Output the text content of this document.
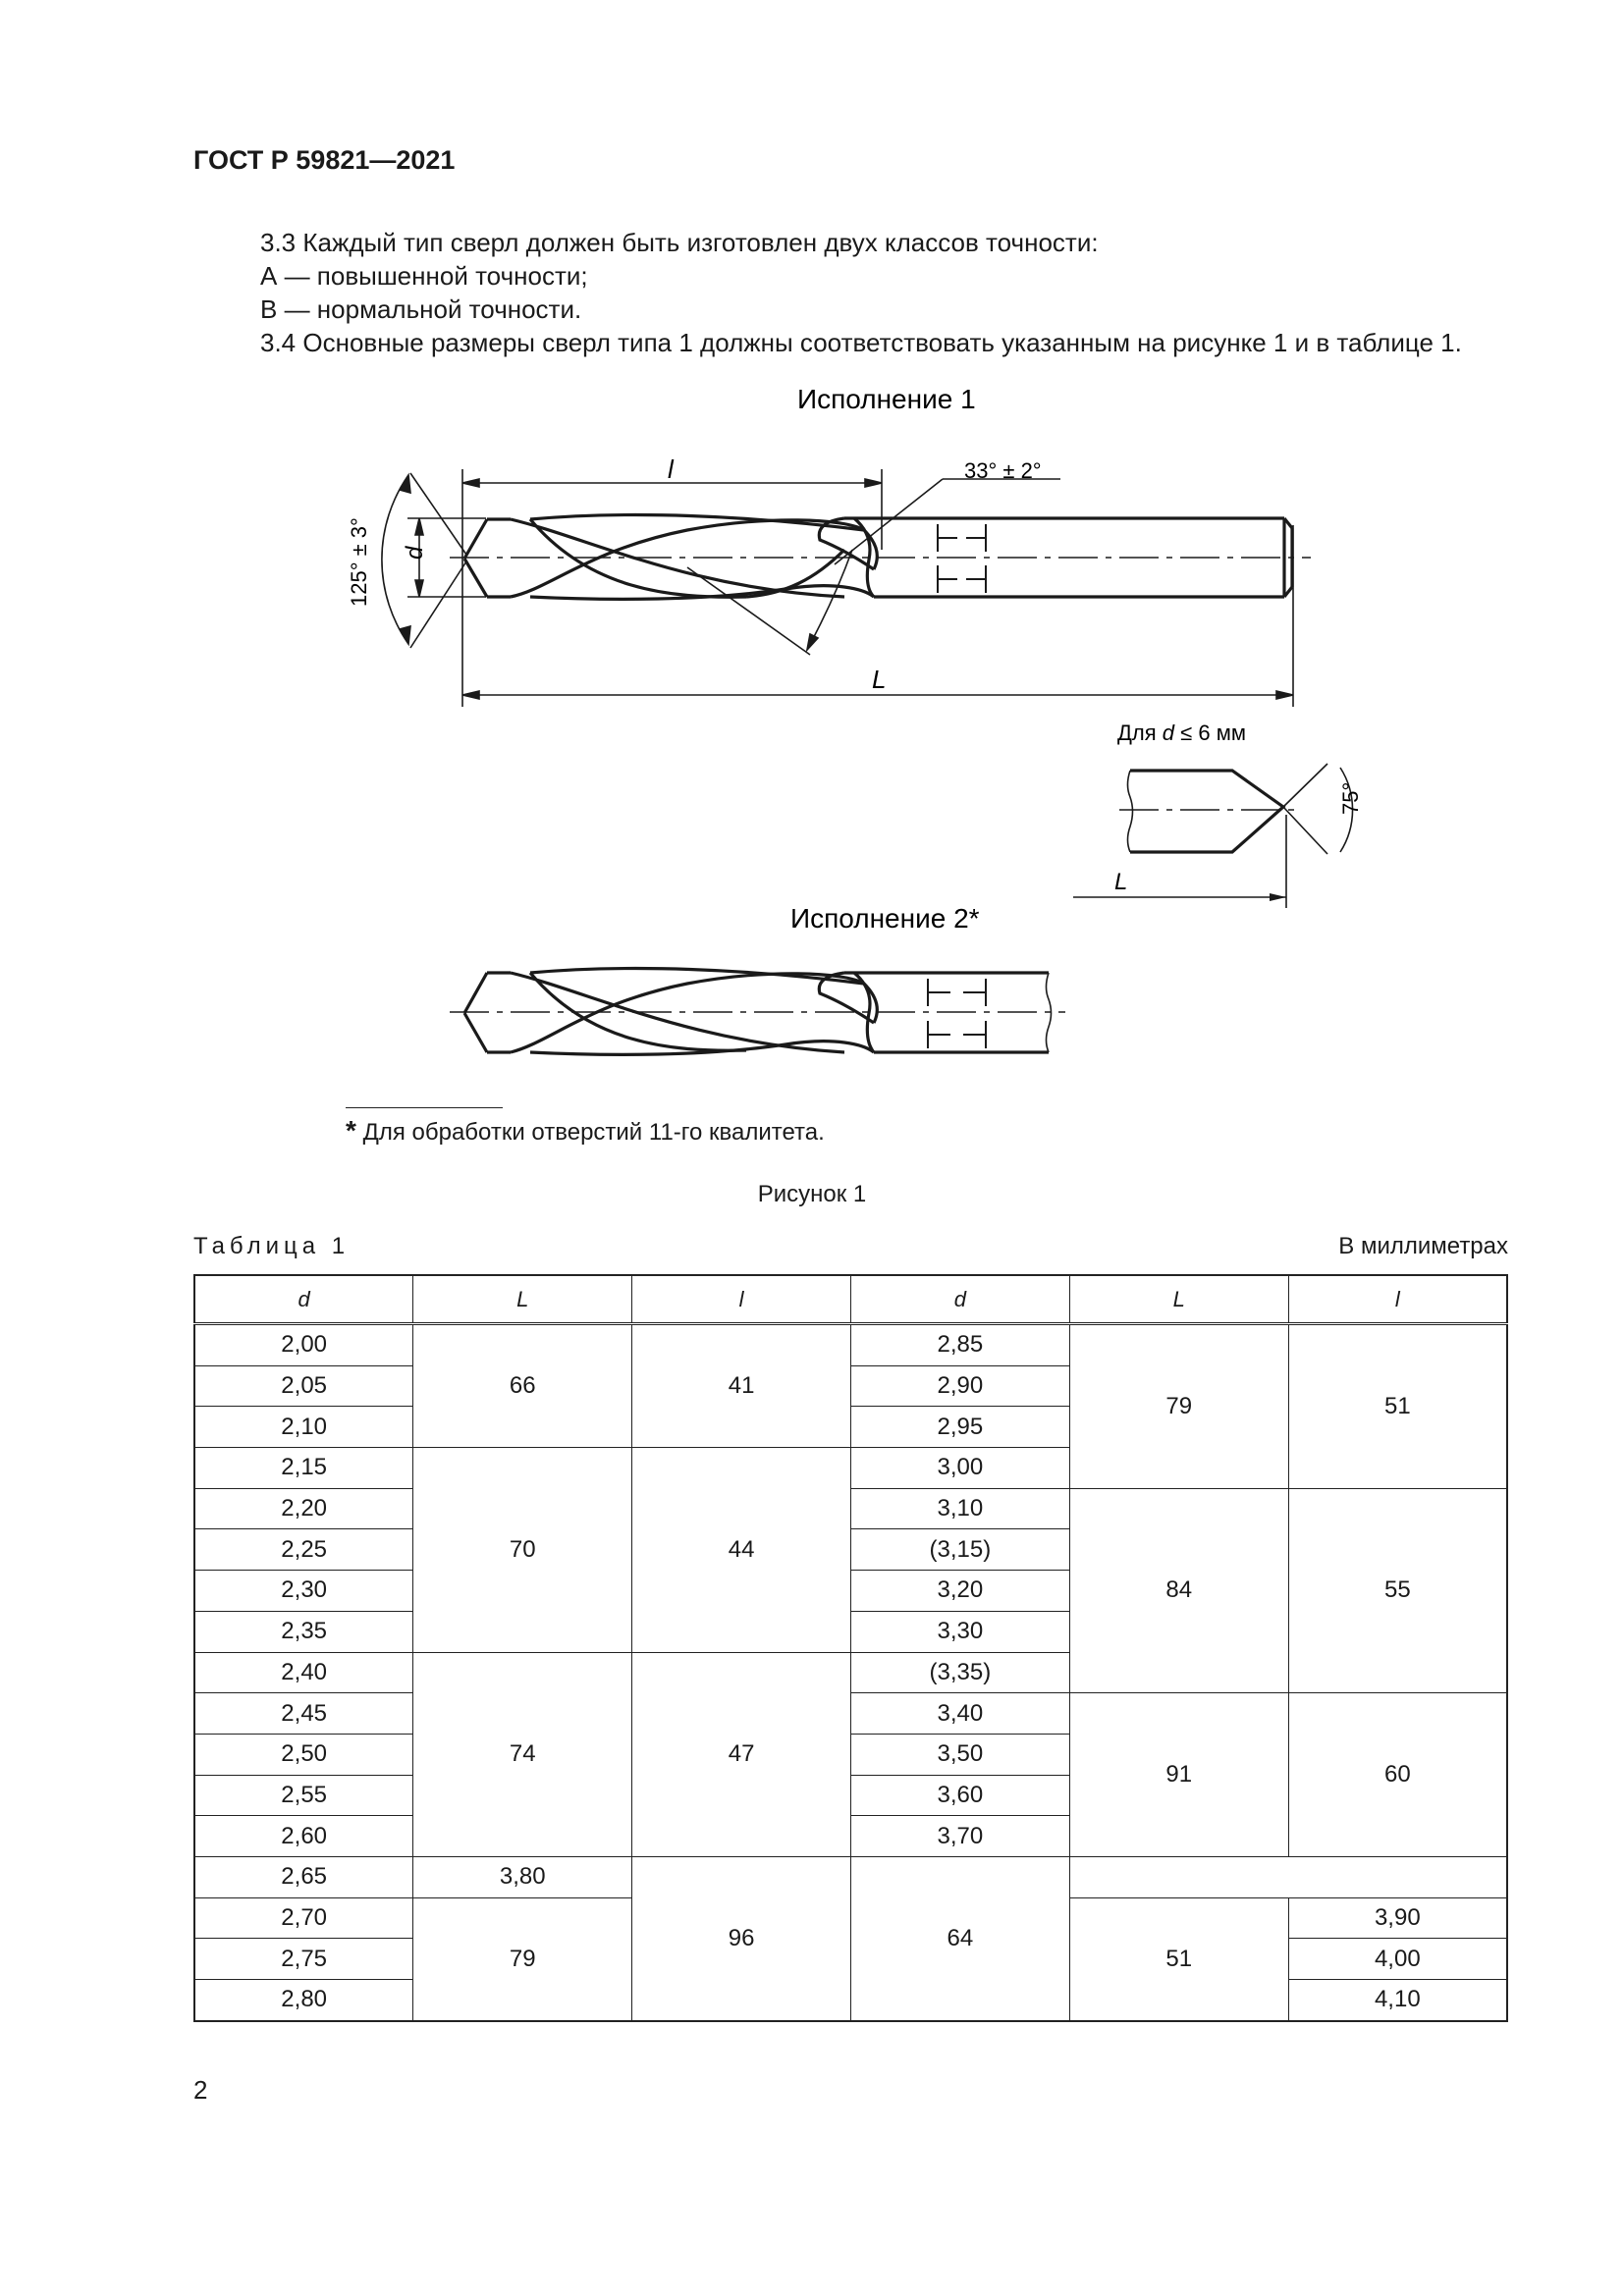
ГОСТ Р 59821—2021
3.3 Каждый тип сверл должен быть изготовлен двух классов точности:
А — повышенной точности;
В — нормальной точности.
3.4 Основные размеры сверл типа 1 должны соответствовать указанным на рисунке 1 и в таблице 1.
Исполнение 1
l
L
d
125° ± 3°
33° ± 2°
Для d ≤ 6 мм
75°
L
Исполнение 2*
* Для обработки отверстий 11-го квалитета.
Рисунок 1
Таблица 1	В миллиметрах
d	L	l	d	L	l
2,00	66	41	2,85	79	51
2,05			2,90		
2,10			2,95		
2,15	70	44	3,00		
2,20			3,10	84	55
2,25			(3,15)		
2,30			3,20		
2,35			3,30		
2,40	74	47	(3,35)		
2,45			3,40	91	60
2,50			3,50		
2,55			3,60		
2,60			3,70		
2,65	3,80	96	64		
2,70	79			51	3,90
2,75					4,00
2,80					4,10
2
